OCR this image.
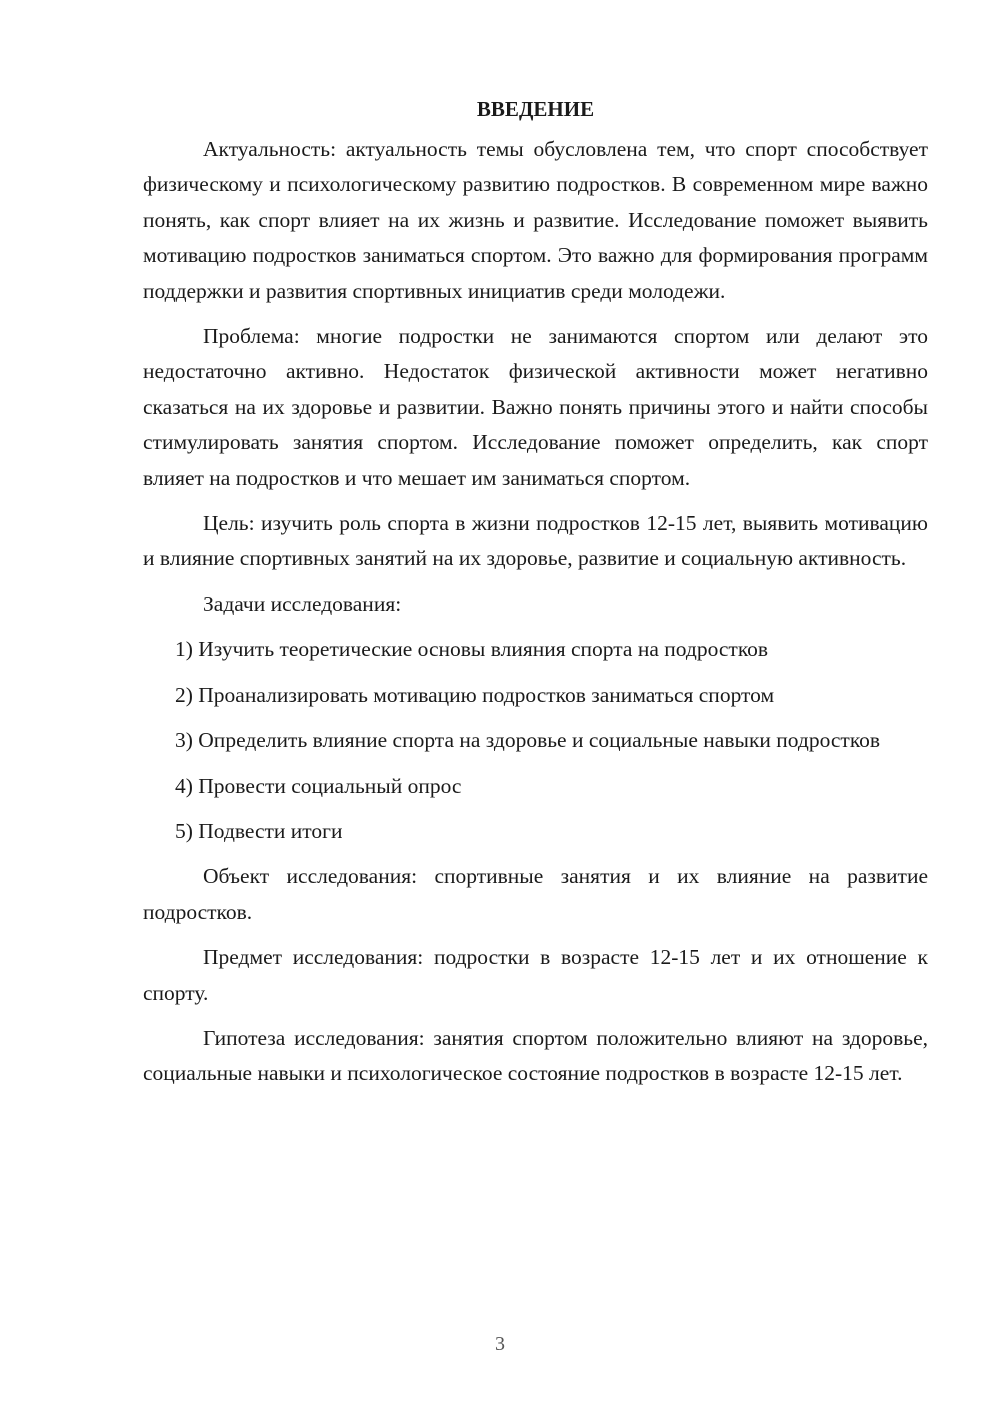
ВВЕДЕНИЕ

Актуальность: актуальность темы обусловлена тем, что спорт способствует физическому и психологическому развитию подростков. В современном мире важно понять, как спорт влияет на их жизнь и развитие. Исследование поможет выявить мотивацию подростков заниматься спортом. Это важно для формирования программ поддержки и развития спортивных инициатив среди молодежи.

Проблема: многие подростки не занимаются спортом или делают это недостаточно активно. Недостаток физической активности может негативно сказаться на их здоровье и развитии. Важно понять причины этого и найти способы стимулировать занятия спортом. Исследование поможет определить, как спорт влияет на подростков и что мешает им заниматься спортом.

Цель: изучить роль спорта в жизни подростков 12-15 лет, выявить мотивацию и влияние спортивных занятий на их здоровье, развитие и социальную активность.

Задачи исследования:

1) Изучить теоретические основы влияния спорта на подростков

2) Проанализировать мотивацию подростков заниматься спортом

3) Определить влияние спорта на здоровье и социальные навыки подростков

4) Провести социальный опрос

5) Подвести итоги

Объект исследования: спортивные занятия и их влияние на развитие подростков.

Предмет исследования: подростки в возрасте 12-15 лет и их отношение к спорту.

Гипотеза исследования: занятия спортом положительно влияют на здоровье, социальные навыки и психологическое состояние подростков в возрасте 12-15 лет.

3
